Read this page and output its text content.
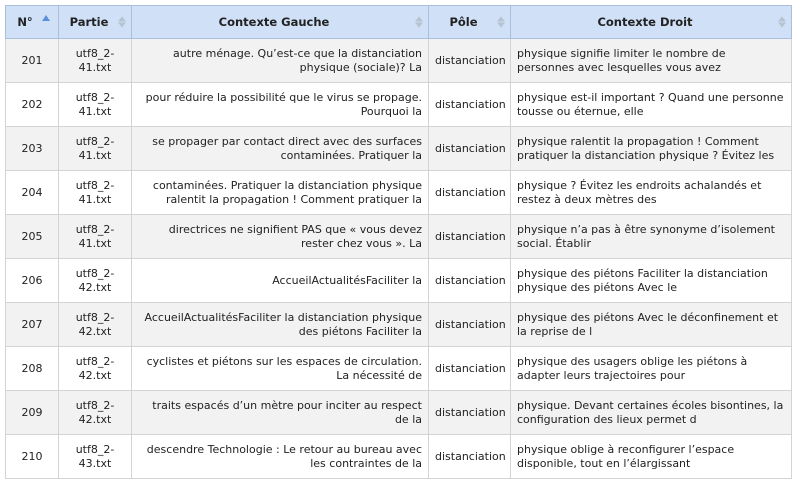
N°	Partie	Contexte Gauche	Pôle	Contexte Droit

201	utf8_2-41.txt	autre ménage. Qu’est-ce que la distanciation physique (sociale)? La	distanciation	physique signifie limiter le nombre de personnes avec lesquelles vous avez
202	utf8_2-41.txt	pour réduire la possibilité que le virus se propage. Pourquoi la	distanciation	physique est-il important ? Quand une personne tousse ou éternue, elle
203	utf8_2-41.txt	se propager par contact direct avec des surfaces contaminées. Pratiquer la	distanciation	physique ralentit la propagation ! Comment pratiquer la distanciation physique ? Évitez les
204	utf8_2-41.txt	contaminées. Pratiquer la distanciation physique ralentit la propagation ! Comment pratiquer la	distanciation	physique ? Évitez les endroits achalandés et restez à deux mètres des
205	utf8_2-41.txt	directrices ne signifient PAS que « vous devez rester chez vous ». La	distanciation	physique n’a pas à être synonyme d’isolement social. Établir
206	utf8_2-42.txt	AccueilActualitésFaciliter la	distanciation	physique des piétons Faciliter la distanciation physique des piétons Avec le
207	utf8_2-42.txt	AccueilActualitésFaciliter la distanciation physique des piétons Faciliter la	distanciation	physique des piétons Avec le déconfinement et la reprise de l
208	utf8_2-42.txt	cyclistes et piétons sur les espaces de circulation. La nécessité de	distanciation	physique des usagers oblige les piétons à adapter leurs trajectoires pour
209	utf8_2-42.txt	traits espacés d’un mètre pour inciter au respect de la	distanciation	physique. Devant certaines écoles bisontines, la configuration des lieux permet d
210	utf8_2-43.txt	descendre Technologie : Le retour au bureau avec les contraintes de la	distanciation	physique oblige à reconfigurer l’espace disponible, tout en l’élargissant
